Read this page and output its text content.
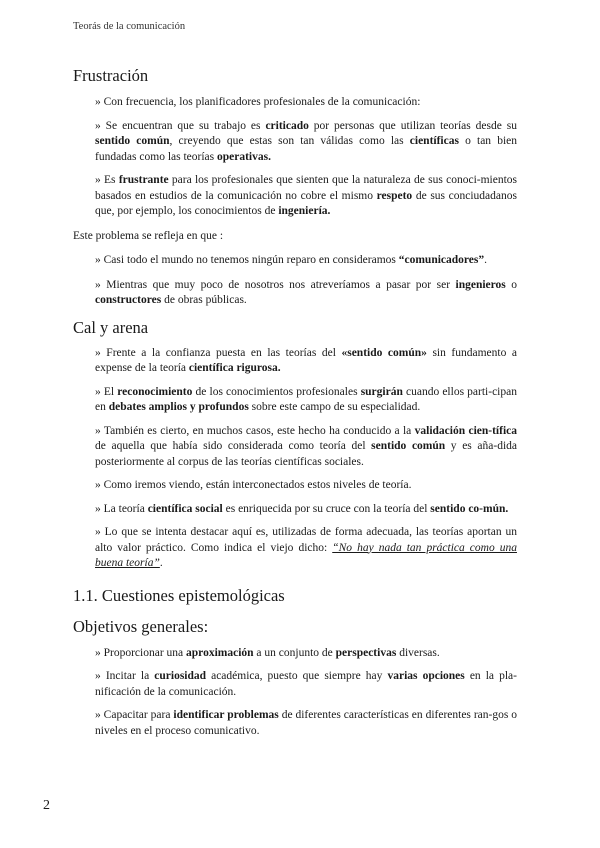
Teorás de la comunicación
Frustración

» Con frecuencia, los planificadores profesionales de la comunicación:

» Se encuentran que su trabajo es criticado por personas que utilizan teorías desde su sentido común, creyendo que estas son tan válidas como las científicas o tan bien fundadas como las teorías operativas.

» Es frustrante para los profesionales que sienten que la naturaleza de sus conoci-mientos basados en estudios de la comunicación no cobre el mismo respeto de sus conciudadanos que, por ejemplo, los conocimientos de ingeniería.

Este problema se refleja en que :

» Casi todo el mundo no tenemos ningún reparo en consideramos “comunicadores”.

» Mientras que muy poco de nosotros nos atreveríamos a pasar por ser ingenieros o constructores de obras públicas.

Cal y arena

» Frente a la confianza puesta en las teorías del «sentido común» sin fundamento a expense de la teoría científica rigurosa.

» El reconocimiento de los conocimientos profesionales surgirán cuando ellos parti-cipan en debates amplios y profundos sobre este campo de su especialidad.

» También es cierto, en muchos casos, este hecho ha conducido a la validación cien-tífica de aquella que había sido considerada como teoría del sentido común y es aña-dida posteriormente al corpus de las teorías científicas sociales.

» Como iremos viendo, están interconectados estos niveles de teoría.

» La teoría científica social es enriquecida por su cruce con la teoría del sentido co-mún.

» Lo que se intenta destacar aquí es, utilizadas de forma adecuada, las teorías aportan un alto valor práctico. Como indica el viejo dicho: “No hay nada tan práctica como una buena teoría”.

1.1. Cuestiones epistemológicas
Objetivos generales:

» Proporcionar una aproximación a un conjunto de perspectivas diversas.

» Incitar la curiosidad académica, puesto que siempre hay varias opciones en la pla-nificación de la comunicación.

» Capacitar para identificar problemas de diferentes características en diferentes ran-gos o niveles en el proceso comunicativo.

2
